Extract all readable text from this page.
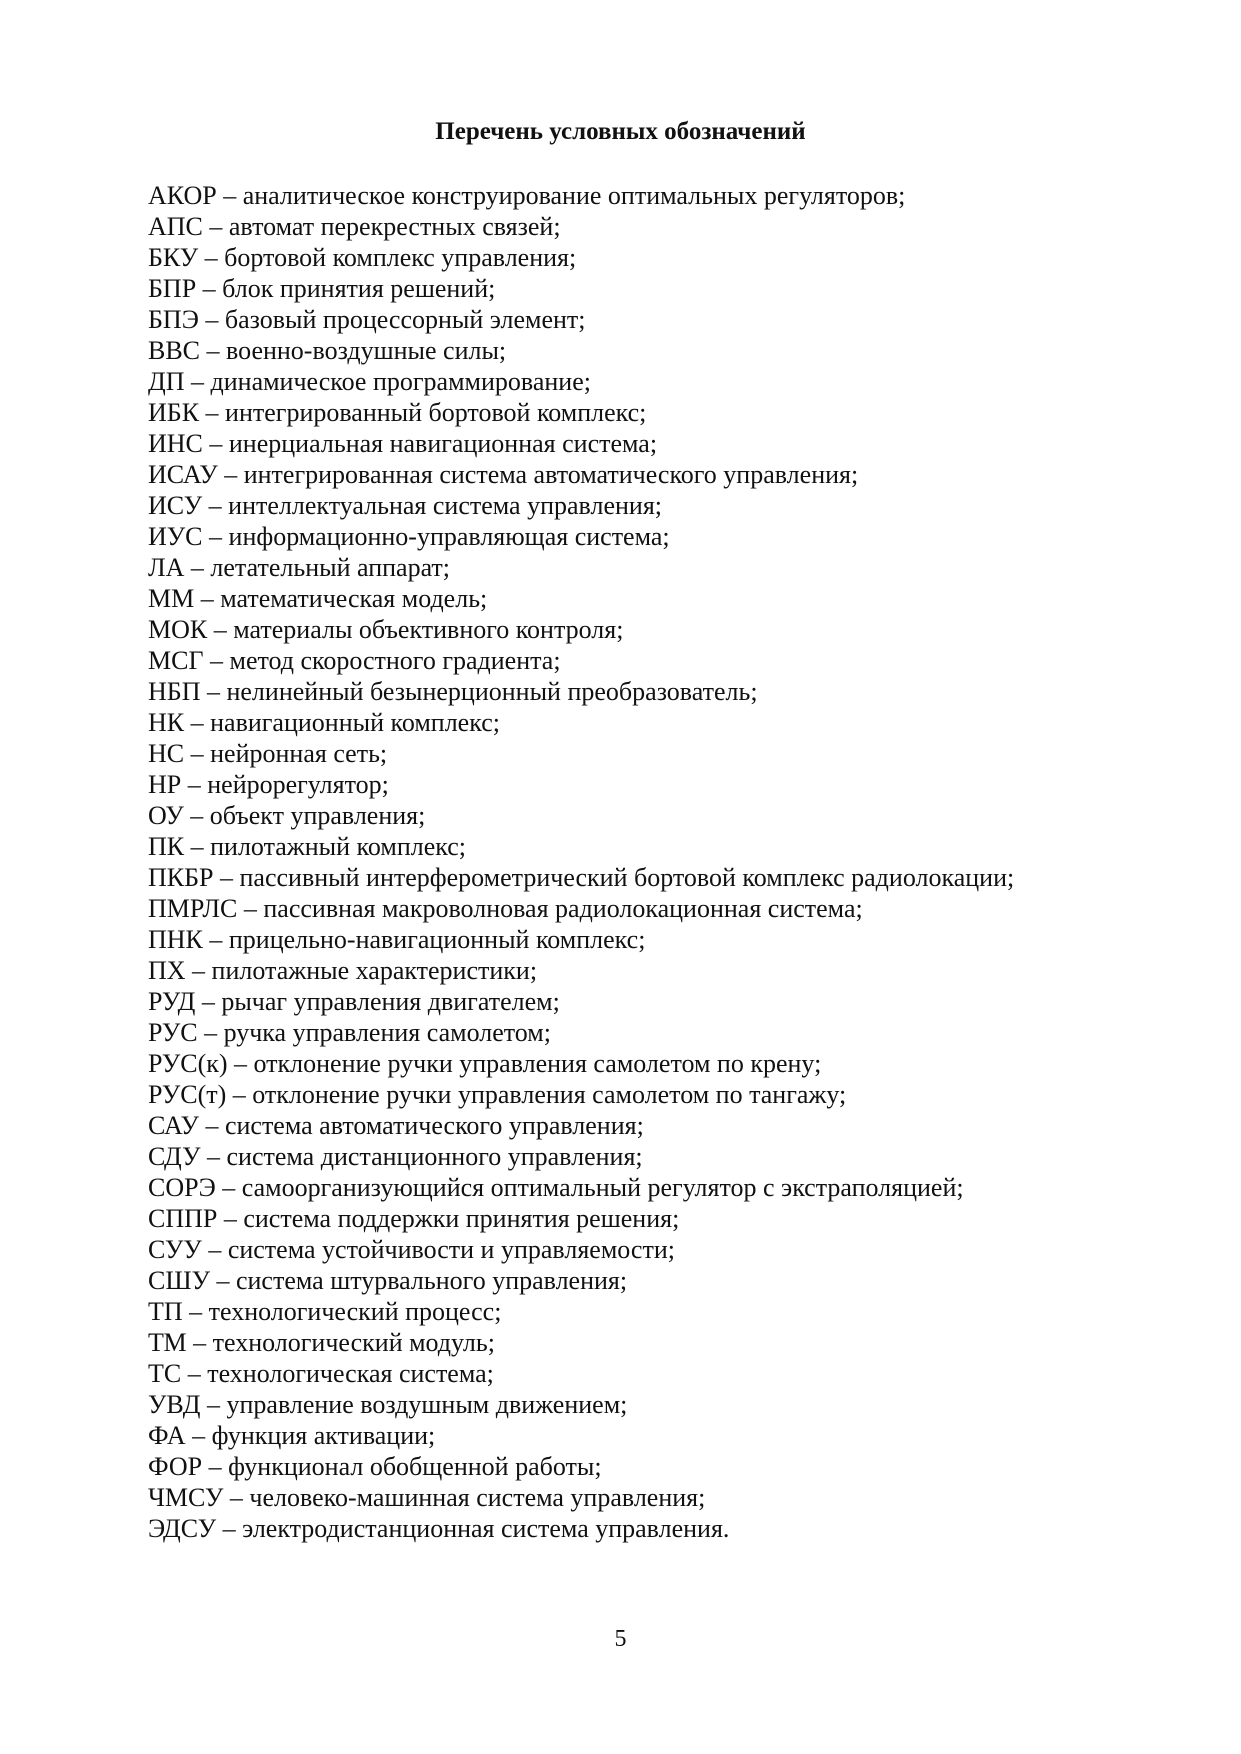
Перечень условных обозначений
АКОР – аналитическое конструирование оптимальных регуляторов;
АПС – автомат перекрестных связей;
БКУ – бортовой комплекс управления;
БПР – блок принятия решений;
БПЭ – базовый процессорный элемент;
ВВС – военно-воздушные силы;
ДП – динамическое программирование;
ИБК – интегрированный бортовой комплекс;
ИНС – инерциальная навигационная система;
ИСАУ – интегрированная система автоматического управления;
ИСУ – интеллектуальная система управления;
ИУС – информационно-управляющая система;
ЛА – летательный аппарат;
ММ – математическая модель;
МОК – материалы объективного контроля;
МСГ – метод скоростного градиента;
НБП – нелинейный безынерционный преобразователь;
НК – навигационный комплекс;
НС – нейронная сеть;
НР – нейрорегулятор;
ОУ – объект управления;
ПК – пилотажный комплекс;
ПКБР – пассивный интерферометрический бортовой комплекс радиолокации;
ПМРЛС – пассивная макроволновая радиолокационная система;
ПНК – прицельно-навигационный комплекс;
ПХ – пилотажные характеристики;
РУД – рычаг управления двигателем;
РУС – ручка управления самолетом;
РУС(к) – отклонение ручки управления самолетом по крену;
РУС(т) – отклонение ручки управления самолетом по тангажу;
САУ – система автоматического управления;
СДУ – система дистанционного управления;
СОРЭ – самоорганизующийся оптимальный регулятор с экстраполяцией;
СППР – система поддержки принятия решения;
СУУ – система устойчивости и управляемости;
СШУ – система штурвального управления;
ТП – технологический процесс;
ТМ – технологический модуль;
ТС – технологическая система;
УВД – управление воздушным движением;
ФА – функция активации;
ФОР – функционал обобщенной работы;
ЧМСУ – человеко-машинная система управления;
ЭДСУ – электродистанционная система управления.
5
